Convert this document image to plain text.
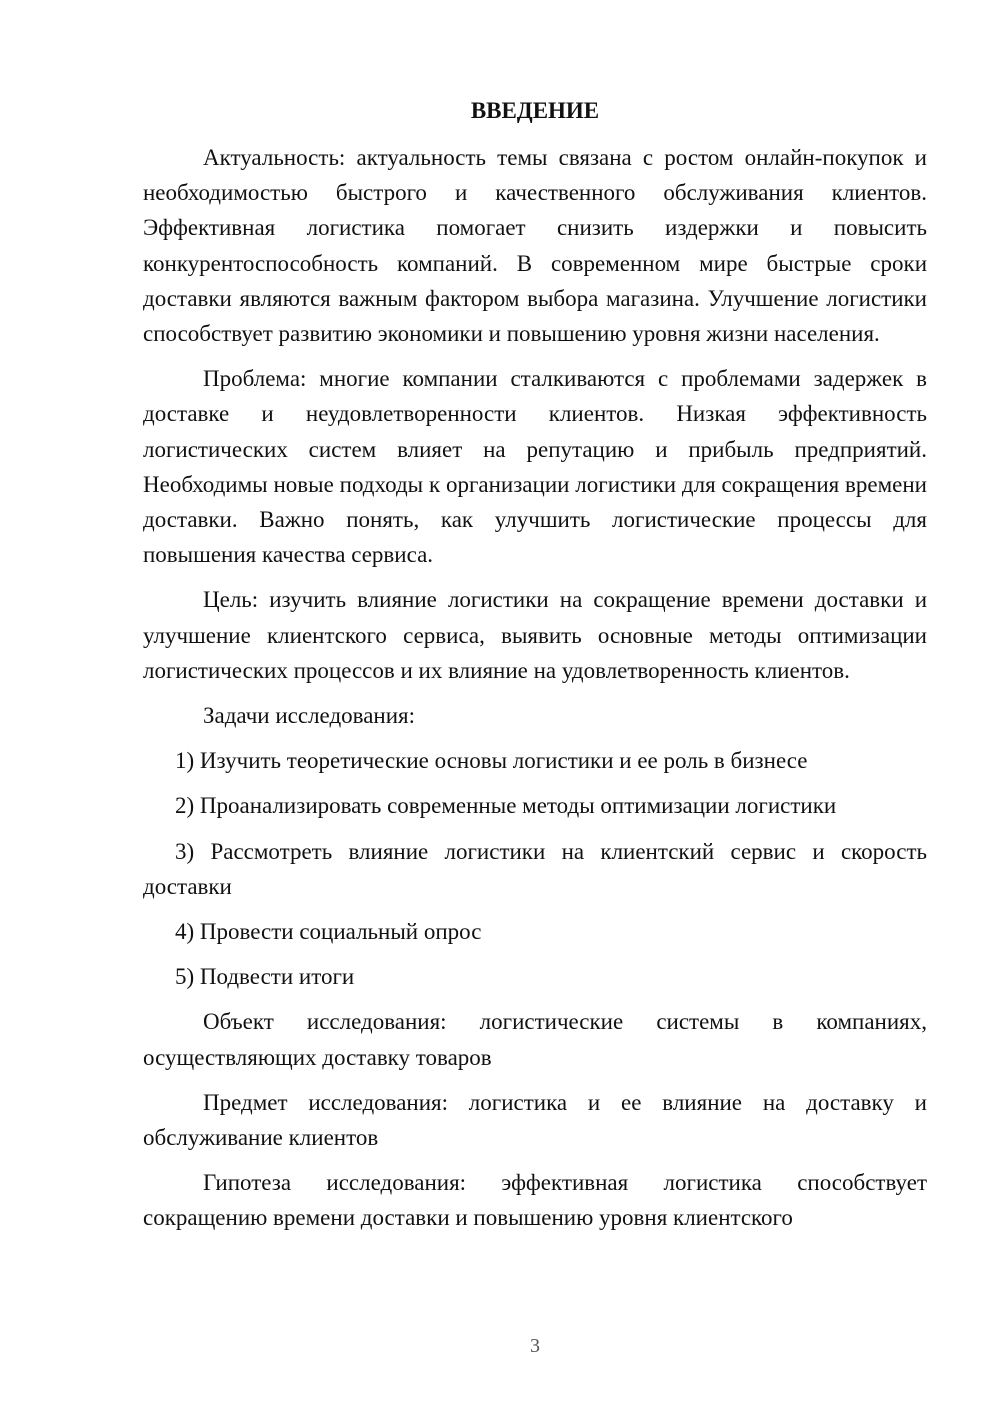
ВВЕДЕНИЕ

Актуальность: актуальность темы связана с ростом онлайн-покупок и необходимостью быстрого и качественного обслуживания клиентов. Эффективная логистика помогает снизить издержки и повысить конкурентоспособность компаний. В современном мире быстрые сроки доставки являются важным фактором выбора магазина. Улучшение логистики способствует развитию экономики и повышению уровня жизни населения.

Проблема: многие компании сталкиваются с проблемами задержек в доставке и неудовлетворенности клиентов. Низкая эффективность логистических систем влияет на репутацию и прибыль предприятий. Необходимы новые подходы к организации логистики для сокращения времени доставки. Важно понять, как улучшить логистические процессы для повышения качества сервиса.

Цель: изучить влияние логистики на сокращение времени доставки и улучшение клиентского сервиса, выявить основные методы оптимизации логистических процессов и их влияние на удовлетворенность клиентов.

Задачи исследования:

1) Изучить теоретические основы логистики и ее роль в бизнесе

2) Проанализировать современные методы оптимизации логистики

3) Рассмотреть влияние логистики на клиентский сервис и скорость доставки

4) Провести социальный опрос

5) Подвести итоги

Объект исследования: логистические системы в компаниях, осуществляющих доставку товаров

Предмет исследования: логистика и ее влияние на доставку и обслуживание клиентов

Гипотеза исследования: эффективная логистика способствует сокращению времени доставки и повышению уровня клиентского

3
